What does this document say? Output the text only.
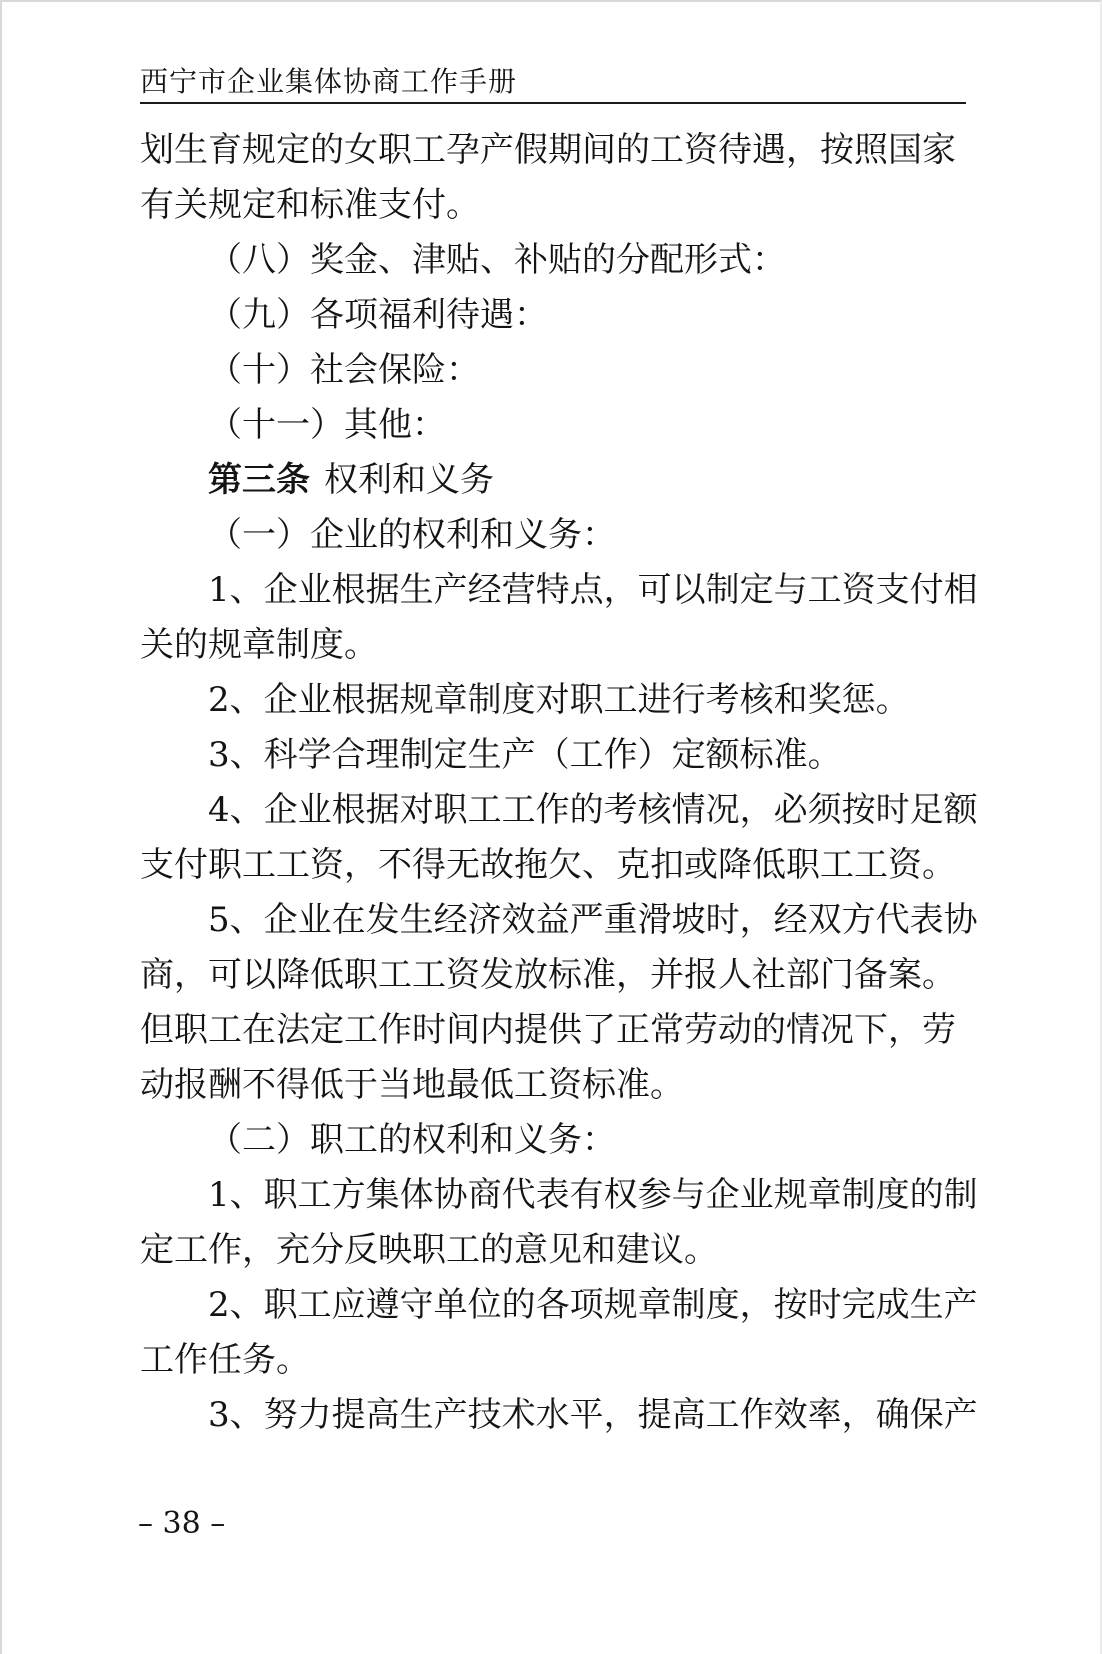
西宁市企业集体协商工作手册
划生育规定的女职工孕产假期间的工资待遇，按照国家
有关规定和标准支付。
（八）奖金、津贴、补贴的分配形式：
（九）各项福利待遇：
（十）社会保险：
（十一）其他：
第三条 权利和义务
（一）企业的权利和义务：
1、企业根据生产经营特点，可以制定与工资支付相
关的规章制度。
2、企业根据规章制度对职工进行考核和奖惩。
3、科学合理制定生产（工作）定额标准。
4、企业根据对职工工作的考核情况，必须按时足额
支付职工工资，不得无故拖欠、克扣或降低职工工资。
5、企业在发生经济效益严重滑坡时，经双方代表协
商，可以降低职工工资发放标准，并报人社部门备案。
但职工在法定工作时间内提供了正常劳动的情况下，劳
动报酬不得低于当地最低工资标准。
（二）职工的权利和义务：
1、职工方集体协商代表有权参与企业规章制度的制
定工作，充分反映职工的意见和建议。
2、职工应遵守单位的各项规章制度，按时完成生产
工作任务。
3、努力提高生产技术水平，提高工作效率，确保产
– 38 –
